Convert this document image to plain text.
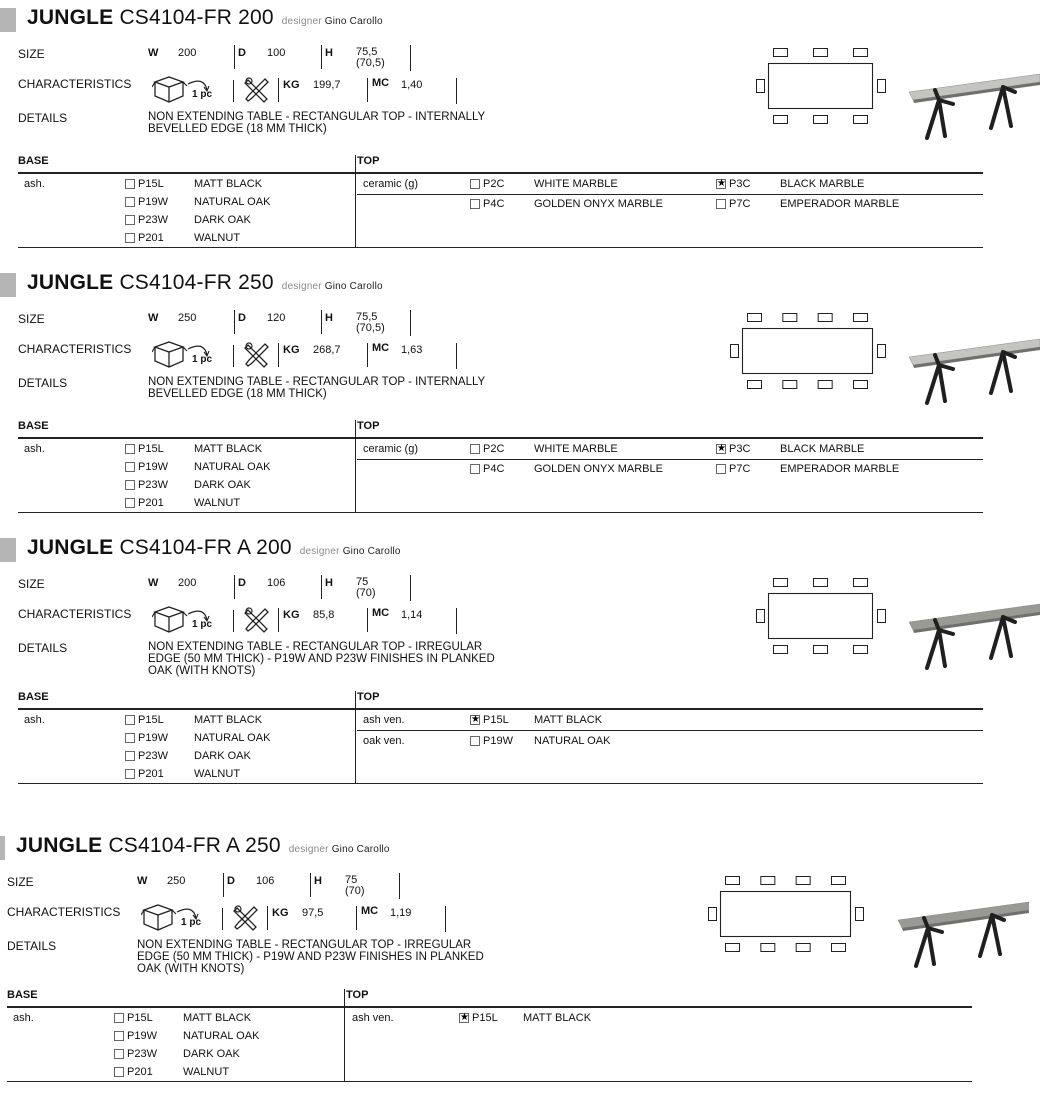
JUNGLE CS4104-FR 200 designer Gino Carollo
SIZE	W 200	D 100	H 75,5
(70,5)
CHARACTERISTICS
1 pc
KG 199,7	MC 1,40
DETAILS	NON EXTENDING TABLE - RECTANGULAR TOP - INTERNALLY
BEVELLED EDGE (18 MM THICK)
BASE	TOP
ash.	P15L	MATT BLACK
P19W NATURAL OAK
P23W DARK OAK
P201	WALNUT
ceramic (g)	P2C	WHITE MARBLE ★	P3C	BLACK MARBLE
P4C	GOLDEN ONYX MARBLE	P7C	EMPERADOR MARBLE
JUNGLE CS4104-FR 250 designer Gino Carollo
SIZE	W 250	D 120	H 75,5
(70,5)
CHARACTERISTICS
1 pc
KG 268,7	MC 1,63
DETAILS	NON EXTENDING TABLE - RECTANGULAR TOP - INTERNALLY
BEVELLED EDGE (18 MM THICK)
BASE	TOP
ash.	P15L	MATT BLACK
P19W NATURAL OAK
P23W DARK OAK
P201	WALNUT
ceramic (g)	P2C	WHITE MARBLE ★	P3C	BLACK MARBLE
P4C	GOLDEN ONYX MARBLE	P7C	EMPERADOR MARBLE
JUNGLE CS4104-FR A 200 designer Gino Carollo
SIZE	W 200	D 106	H 75
(70)
CHARACTERISTICS
1 pc
KG 85,8	MC 1,14
DETAILS	NON EXTENDING TABLE - RECTANGULAR TOP - IRREGULAR
EDGE (50 MM THICK) - P19W AND P23W FINISHES IN PLANKED
OAK (WITH KNOTS)
BASE	TOP
ash.	P15L	MATT BLACK
P19W NATURAL OAK
P23W DARK OAK
P201	WALNUT
ash ven. ★	P15L MATT BLACK
oak ven.	P19W NATURAL OAK
JUNGLE CS4104-FR A 250 designer Gino Carollo
SIZE	W 250	D 106	H 75
(70)
CHARACTERISTICS
1 pc
KG 97,5	MC 1,19
DETAILS	NON EXTENDING TABLE - RECTANGULAR TOP - IRREGULAR
EDGE (50 MM THICK) - P19W AND P23W FINISHES IN PLANKED
OAK (WITH KNOTS)
BASE	TOP
ash.	P15L	MATT BLACK
P19W NATURAL OAK
P23W DARK OAK
P201	WALNUT
ash ven. ★	P15L MATT BLACK
